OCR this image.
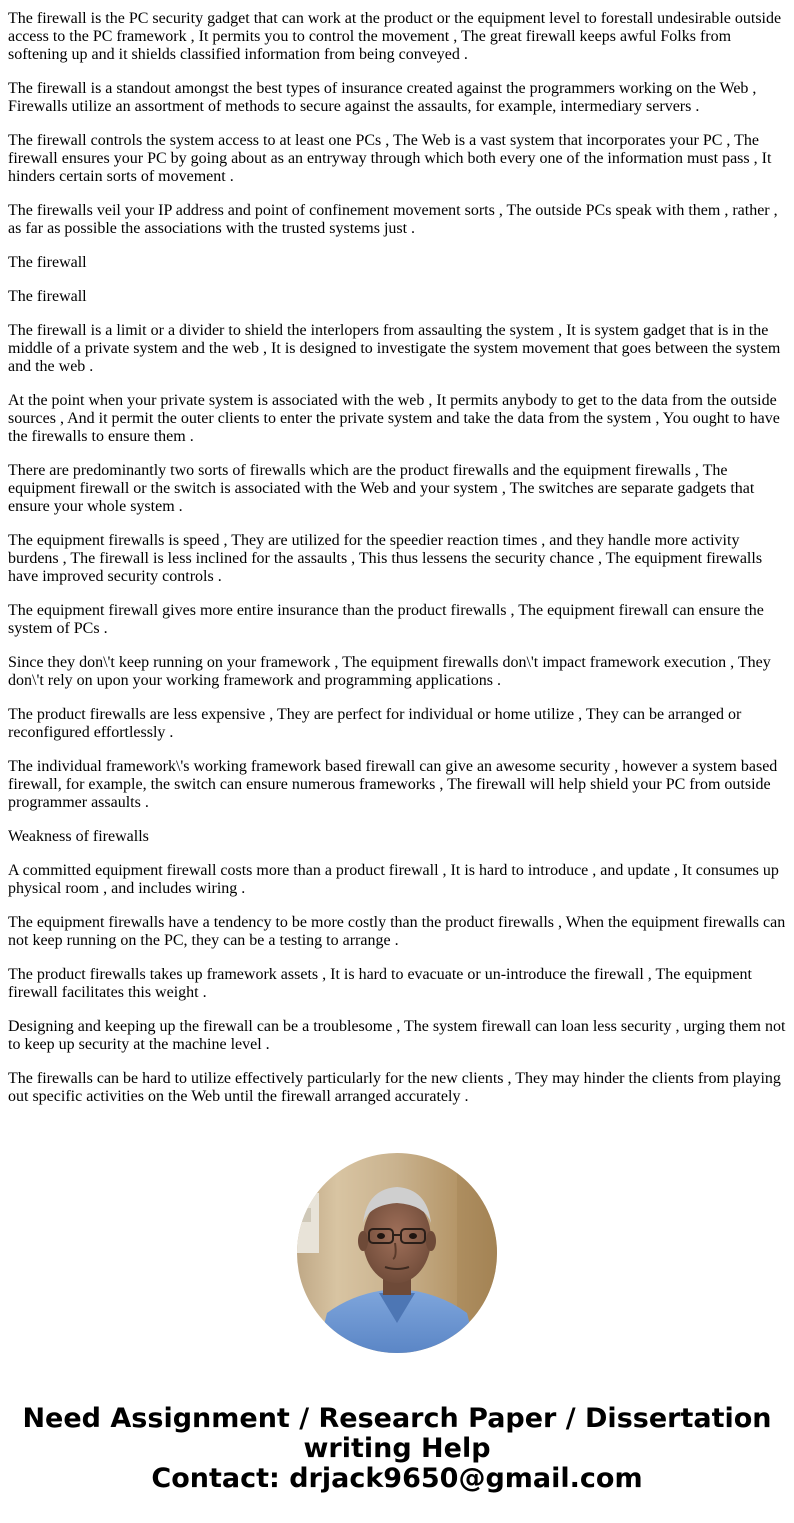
The firewall is the PC security gadget that can work at the product or the equipment level to forestall undesirable outside access to the PC framework , It permits you to control the movement , The great firewall keeps awful Folks from softening up and it shields classified information from being conveyed .

The firewall is a standout amongst the best types of insurance created against the programmers working on the Web , Firewalls utilize an assortment of methods to secure against the assaults, for example, intermediary servers .

The firewall controls the system access to at least one PCs , The Web is a vast system that incorporates your PC , The firewall ensures your PC by going about as an entryway through which both every one of the information must pass , It hinders certain sorts of movement .

The firewalls veil your IP address and point of confinement movement sorts , The outside PCs speak with them , rather , as far as possible the associations with the trusted systems just .

The firewall

The firewall

The firewall is a limit or a divider to shield the interlopers from assaulting the system , It is system gadget that is in the middle of a private system and the web , It is designed to investigate the system movement that goes between the system and the web .

At the point when your private system is associated with the web , It permits anybody to get to the data from the outside sources , And it permit the outer clients to enter the private system and take the data from the system , You ought to have the firewalls to ensure them .

There are predominantly two sorts of firewalls which are the product firewalls and the equipment firewalls , The equipment firewall or the switch is associated with the Web and your system , The switches are separate gadgets that ensure your whole system .

The equipment firewalls is speed , They are utilized for the speedier reaction times , and they handle more activity burdens , The firewall is less inclined for the assaults , This thus lessens the security chance , The equipment firewalls have improved security controls .

The equipment firewall gives more entire insurance than the product firewalls , The equipment firewall can ensure the system of PCs .

Since they don\'t keep running on your framework , The equipment firewalls don\'t impact framework execution , They don\'t rely on upon your working framework and programming applications .

The product firewalls are less expensive , They are perfect for individual or home utilize , They can be arranged or reconfigured effortlessly .

The individual framework\'s working framework based firewall can give an awesome security , however a system based firewall, for example, the switch can ensure numerous frameworks , The firewall will help shield your PC from outside programmer assaults .

Weakness of firewalls

A committed equipment firewall costs more than a product firewall , It is hard to introduce , and update , It consumes up physical room , and includes wiring .

The equipment firewalls have a tendency to be more costly than the product firewalls , When the equipment firewalls can not keep running on the PC, they can be a testing to arrange .

The product firewalls takes up framework assets , It is hard to evacuate or un-introduce the firewall , The equipment firewall facilitates this weight .

Designing and keeping up the firewall can be a troublesome , The system firewall can loan less security , urging them not to keep up security at the machine level .

The firewalls can be hard to utilize effectively particularly for the new clients , They may hinder the clients from playing out specific activities on the Web until the firewall arranged accurately .

Need Assignment / Research Paper / Dissertation
writing Help
Contact: drjack9650@gmail.com
